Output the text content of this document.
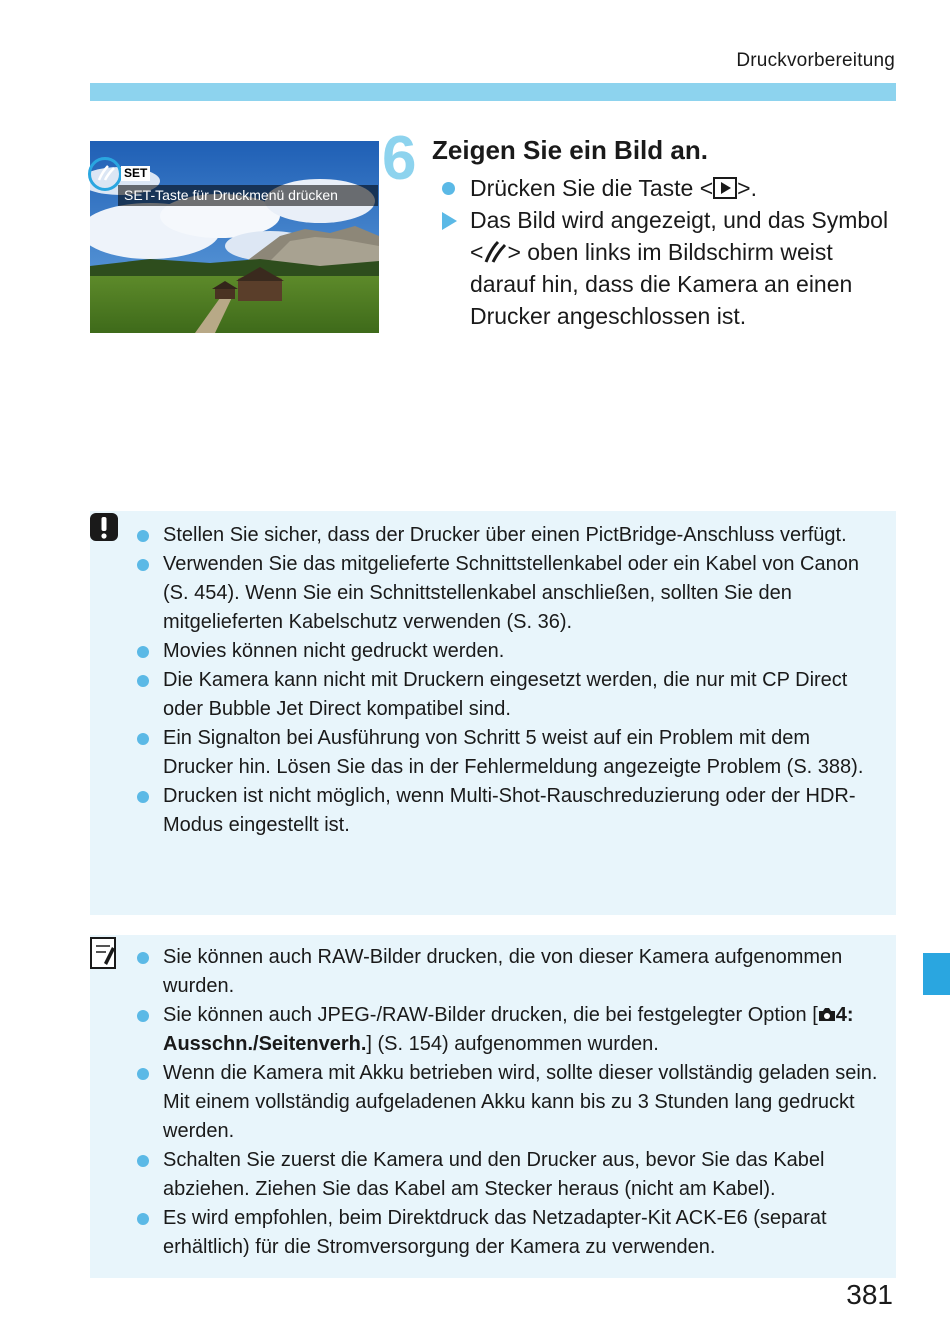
Druckvorbereitung
SET-Taste für Druckmenü drücken
SET	6 Zeigen Sie ein Bild an.
Drücken Sie die Taste < >.
Das Bild wird angezeigt, und das Symbol < > oben links im Bildschirm weist darauf hin, dass die Kamera an einen Drucker angeschlossen ist.
Stellen Sie sicher, dass der Drucker über einen PictBridge-Anschluss verfügt.
Verwenden Sie das mitgelieferte Schnittstellenkabel oder ein Kabel von Canon (S. 454). Wenn Sie ein Schnittstellenkabel anschließen, sollten Sie den mitgelieferten Kabelschutz verwenden (S. 36).
Movies können nicht gedruckt werden.
Die Kamera kann nicht mit Druckern eingesetzt werden, die nur mit CP Direct oder Bubble Jet Direct kompatibel sind.
Ein Signalton bei Ausführung von Schritt 5 weist auf ein Problem mit dem Drucker hin. Lösen Sie das in der Fehlermeldung angezeigte Problem (S. 388).
Drucken ist nicht möglich, wenn Multi-Shot-Rauschreduzierung oder der HDR-Modus eingestellt ist.
Sie können auch RAW-Bilder drucken, die von dieser Kamera aufgenommen wurden.
Sie können auch JPEG-/RAW-Bilder drucken, die bei festgelegter Option [ 4: Ausschn./Seitenverh.] (S. 154) aufgenommen wurden.
Wenn die Kamera mit Akku betrieben wird, sollte dieser vollständig geladen sein. Mit einem vollständig aufgeladenen Akku kann bis zu 3 Stunden lang gedruckt werden.
Schalten Sie zuerst die Kamera und den Drucker aus, bevor Sie das Kabel abziehen. Ziehen Sie das Kabel am Stecker heraus (nicht am Kabel).
Es wird empfohlen, beim Direktdruck das Netzadapter-Kit ACK-E6 (separat erhältlich) für die Stromversorgung der Kamera zu verwenden.
381
